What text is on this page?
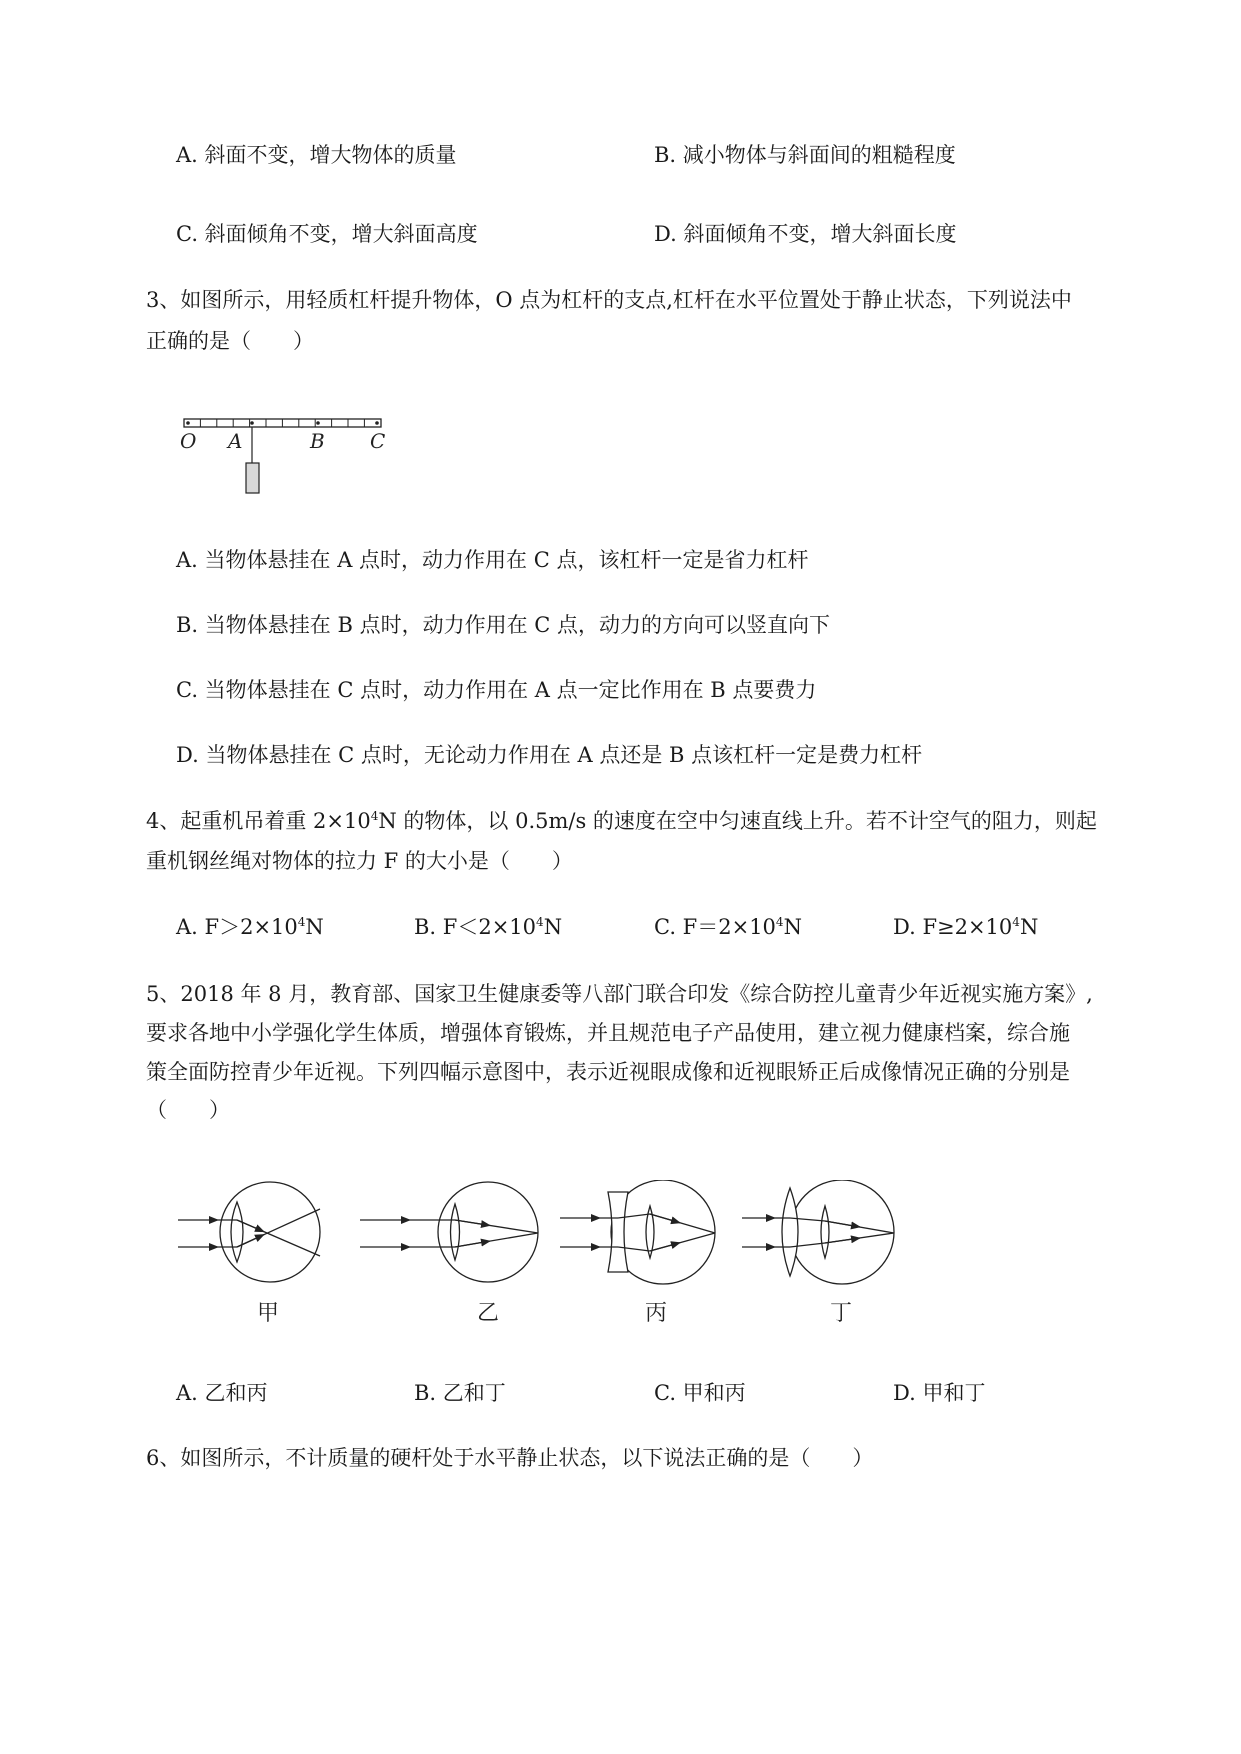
A. 斜面不变，增大物体的质量	B. 减小物体与斜面间的粗糙程度
C. 斜面倾角不变，增大斜面高度	D. 斜面倾角不变，增大斜面长度
3、如图所示，用轻质杠杆提升物体，O 点为杠杆的支点,杠杆在水平位置处于静止状态，下列说法中
正确的是（　　）
O A	B C
A. 当物体悬挂在 A 点时，动力作用在 C 点，该杠杆一定是省力杠杆
B. 当物体悬挂在 B 点时，动力作用在 C 点，动力的方向可以竖直向下
C. 当物体悬挂在 C 点时，动力作用在 A 点一定比作用在 B 点要费力
D. 当物体悬挂在 C 点时，无论动力作用在 A 点还是 B 点该杠杆一定是费力杠杆
4、起重机吊着重 $2\times 10^4N$ 的物体，以 0.5m/s 的速度在空中匀速直线上升。若不计空气的阻力，则起
重机钢丝绳对物体的拉力 F 的大小是（　　）
A. $F>2\times 10^4N$	B. $F<2\times 10^4N$	C. $F=2\times 10^4N$	D. $F\ge 2\times 10^4N$
5、2018 年 8 月，教育部、国家卫生健康委等八部门联合印发《综合防控儿童青少年近视实施方案》,
要求各地中小学强化学生体质，增强体育锻炼，并且规范电子产品使用，建立视力健康档案，综合施
策全面防控青少年近视。下列四幅示意图中，表示近视眼成像和近视眼矫正后成像情况正确的分别是
（　　）
甲	乙	丙	丁
A. 乙和丙	B. 乙和丁	C. 甲和丙	D. 甲和丁
6、如图所示，不计质量的硬杆处于水平静止状态，以下说法正确的是（　　）
